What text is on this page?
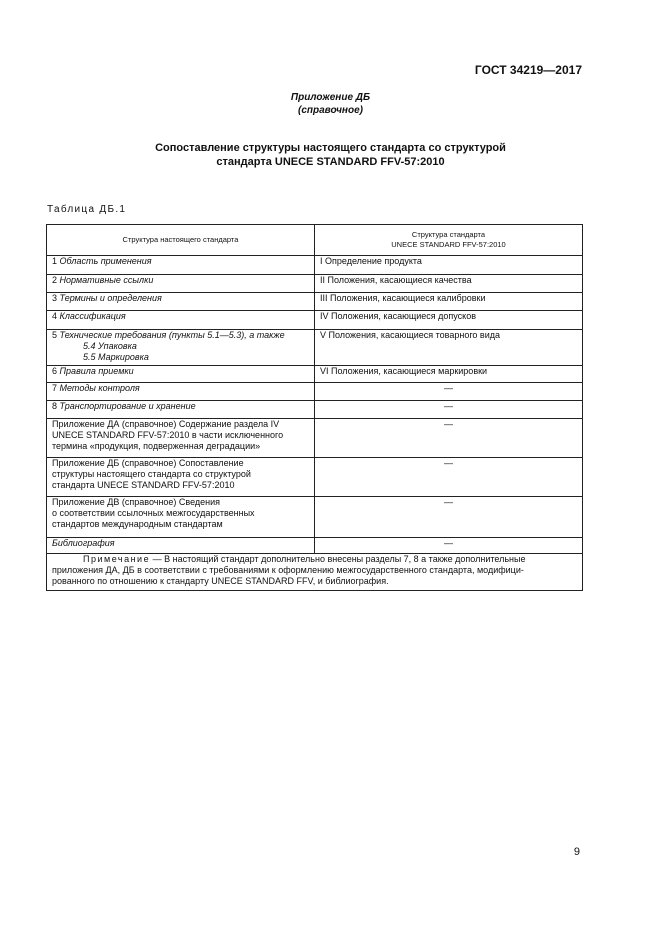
ГОСТ 34219—2017
Приложение ДБ
(справочное)
Сопоставление структуры настоящего стандарта со структурой
стандарта UNECE STANDARD FFV-57:2010
Таблица ДБ.1
Структура настоящего стандарта	Структура стандарта
UNECE STANDARD FFV-57:2010

1 Область применения	I Определение продукта
2 Нормативные ссылки	II Положения, касающиеся качества
3 Термины и определения	III Положения, касающиеся калибровки
4 Классификация	IV Положения, касающиеся допусков
5 Технические требования (пункты 5.1—5.3), а также
5.4 Упаковка
5.5 Маркировка	V Положения, касающиеся товарного вида
6 Правила приемки	VI Положения, касающиеся маркировки
7 Методы контроля	—
8 Транспортирование и хранение	—

Приложение ДА (справочное) Содержание раздела IV
UNECE STANDARD FFV-57:2010 в части исключенного
термина «продукция, подверженная деградации»	—

Приложение ДБ (справочное) Сопоставление
структуры настоящего стандарта со структурой
стандарта UNECE STANDARD FFV-57:2010	—

Приложение ДВ (справочное) Сведения
о соответствии ссылочных межгосударственных
стандартов международным стандартам	—
Библиография	—

Примечание — В настоящий стандарт дополнительно внесены разделы 7, 8 а также дополнительные
приложения ДА, ДБ в соответствии с требованиями к оформлению межгосударственного стандарта, модифици-
рованного по отношению к стандарту UNECE STANDARD FFV, и библиография.	
9
